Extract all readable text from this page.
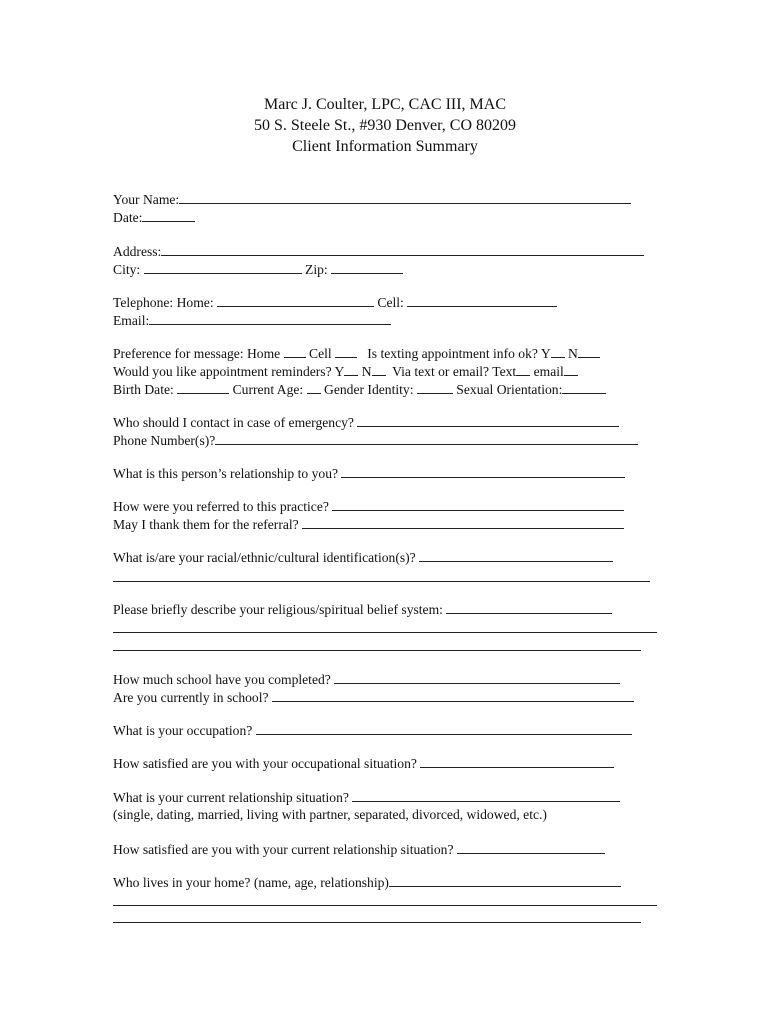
Marc J. Coulter, LPC, CAC III, MAC
50 S. Steele St., #930 Denver, CO 80209
Client Information Summary
Your Name:
Date:
Address:
City:	Zip:
Telephone: Home:	Cell:
Email:
Preference for message: Home Cell	Is texting appointment info ok? Y N
Would you like appointment reminders? Y N Via text or email? Text email
Birth Date:	Current Age: Gender Identity:	Sexual Orientation:
Who should I contact in case of emergency?
Phone Number(s)?
What is this person’s relationship to you?
How were you referred to this practice?
May I thank them for the referral?
What is/are your racial/ethnic/cultural identification(s)?
Please briefly describe your religious/spiritual belief system:
How much school have you completed?
Are you currently in school?
What is your occupation?
How satisfied are you with your occupational situation?
What is your current relationship situation?
(single, dating, married, living with partner, separated, divorced, widowed, etc.)
How satisfied are you with your current relationship situation?
Who lives in your home? (name, age, relationship)
